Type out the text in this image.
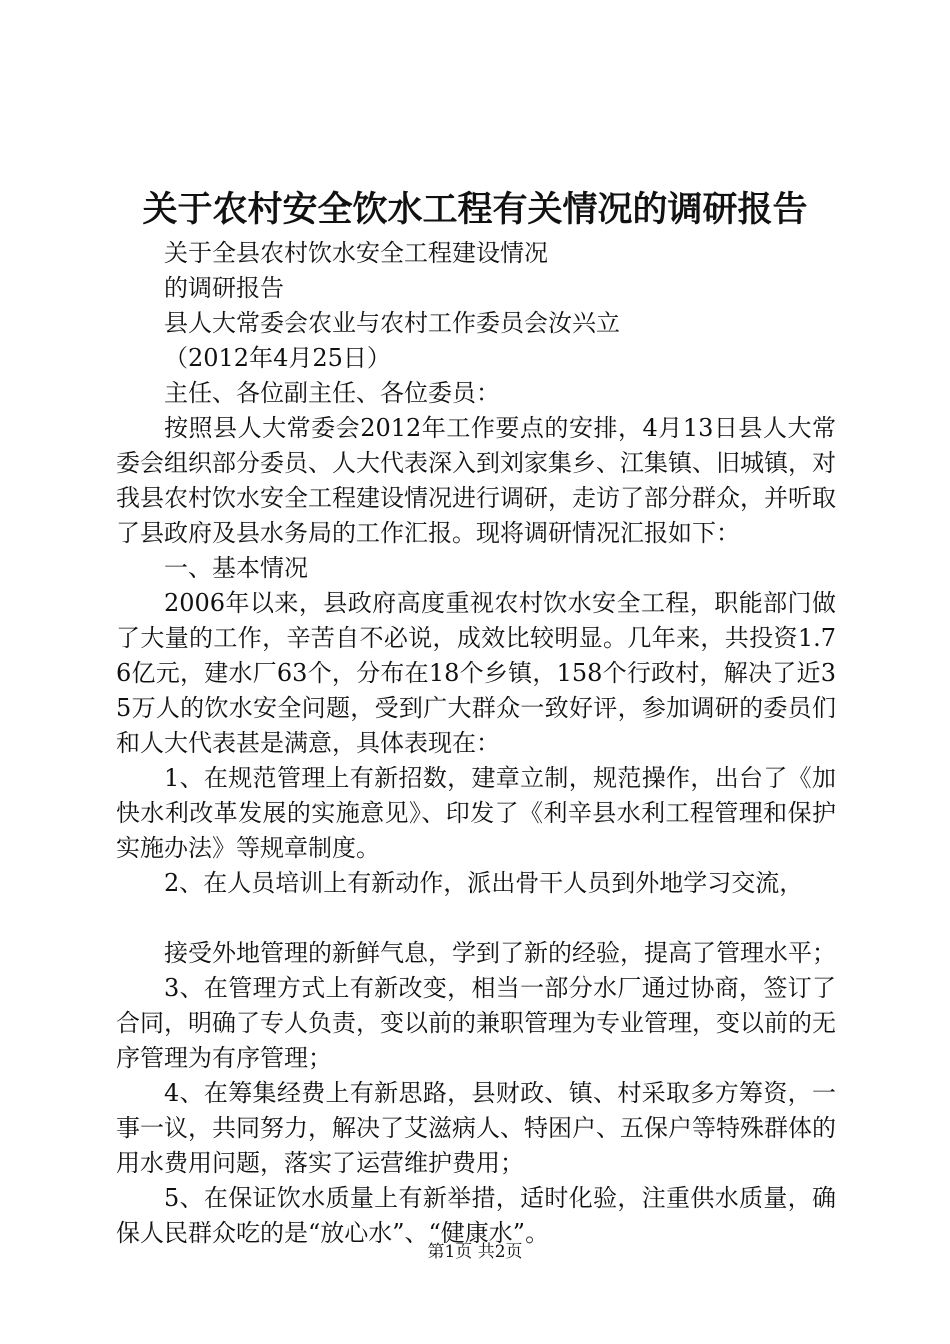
关于农村安全饮水工程有关情况的调研报告

关于全县农村饮水安全工程建设情况

的调研报告

县人大常委会农业与农村工作委员会汝兴立

（2012年4月25日）

主任、各位副主任、各位委员：

按照县人大常委会2012年工作要点的安排，4月13日县人大常委会组织部分委员、人大代表深入到刘家集乡、江集镇、旧城镇，对我县农村饮水安全工程建设情况进行调研，走访了部分群众，并听取了县政府及县水务局的工作汇报。现将调研情况汇报如下：

一、基本情况

2006年以来，县政府高度重视农村饮水安全工程，职能部门做了大量的工作，辛苦自不必说，成效比较明显。几年来，共投资1.76亿元，建水厂63个，分布在18个乡镇，158个行政村，解决了近35万人的饮水安全问题，受到广大群众一致好评，参加调研的委员们和人大代表甚是满意，具体表现在：

1、在规范管理上有新招数，建章立制，规范操作，出台了《加快水利改革发展的实施意见》、印发了《利辛县水利工程管理和保护实施办法》等规章制度。

2、在人员培训上有新动作，派出骨干人员到外地学习交流，

接受外地管理的新鲜气息，学到了新的经验，提高了管理水平；

3、在管理方式上有新改变，相当一部分水厂通过协商，签订了合同，明确了专人负责，变以前的兼职管理为专业管理，变以前的无序管理为有序管理；

4、在筹集经费上有新思路，县财政、镇、村采取多方筹资，一事一议，共同努力，解决了艾滋病人、特困户、五保户等特殊群体的用水费用问题，落实了运营维护费用；

5、在保证饮水质量上有新举措，适时化验，注重供水质量，确保人民群众吃的是“放心水”、“健康水”。

第1页 共2页
